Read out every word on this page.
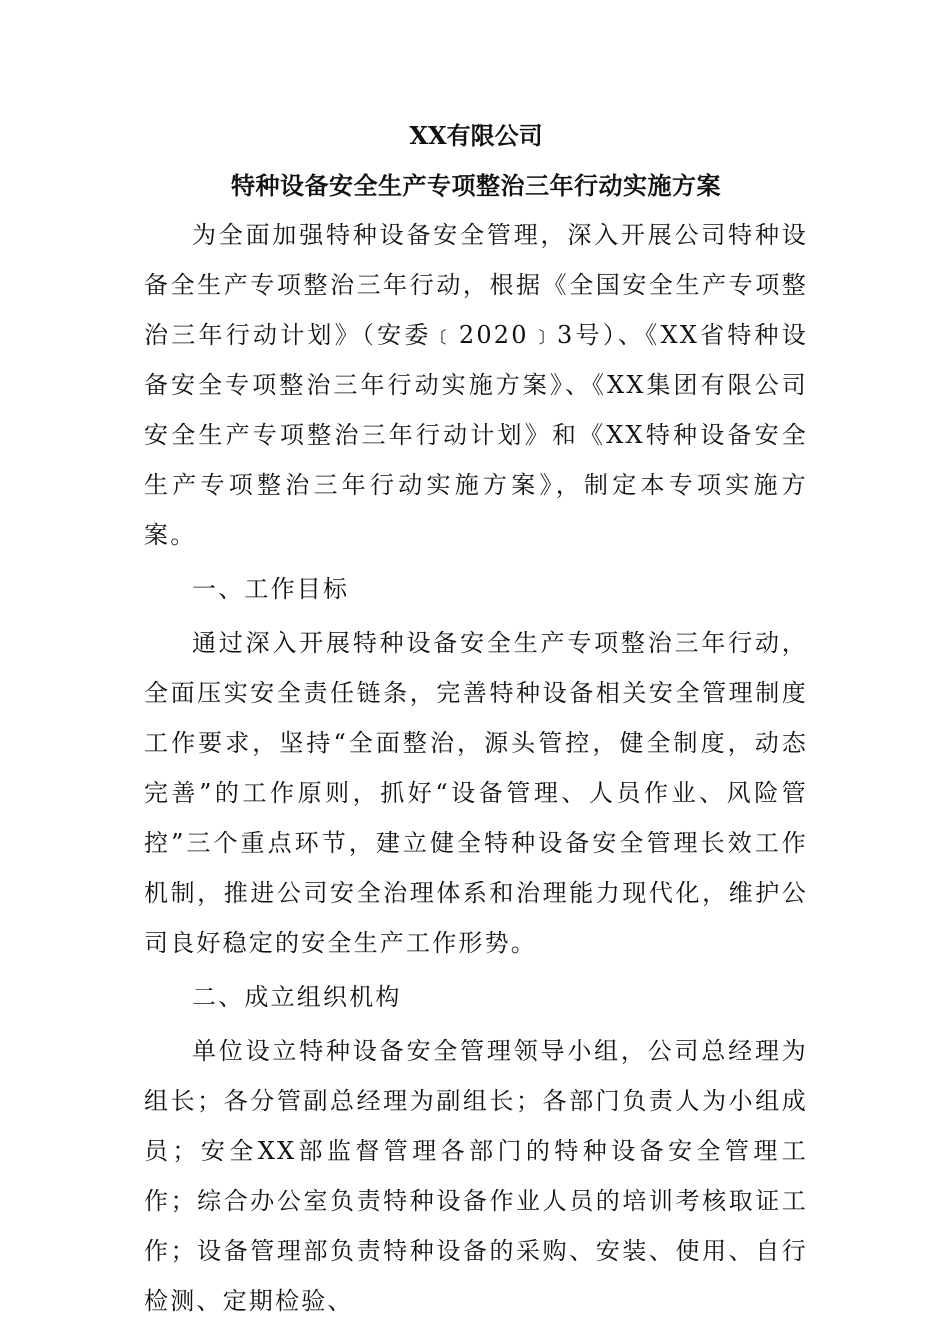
XX有限公司
特种设备安全生产专项整治三年行动实施方案

为全面加强特种设备安全管理，深入开展公司特种设备全生产专项整治三年行动，根据《全国安全生产专项整治三年行动计划》（安委﹝2020﹞3号）、《XX省特种设备安全专项整治三年行动实施方案》、《XX集团有限公司安全生产专项整治三年行动计划》和《XX特种设备安全生产专项整治三年行动实施方案》，制定本专项实施方案。

一、工作目标

通过深入开展特种设备安全生产专项整治三年行动，全面压实安全责任链条，完善特种设备相关安全管理制度工作要求，坚持“全面整治，源头管控，健全制度，动态完善”的工作原则，抓好“设备管理、人员作业、风险管控”三个重点环节，建立健全特种设备安全管理长效工作机制，推进公司安全治理体系和治理能力现代化，维护公司良好稳定的安全生产工作形势。

二、成立组织机构

单位设立特种设备安全管理领导小组，公司总经理为组长；各分管副总经理为副组长；各部门负责人为小组成员；安全XX部监督管理各部门的特种设备安全管理工作；综合办公室负责特种设备作业人员的培训考核取证工作；设备管理部负责特种设备的采购、安装、使用、自行检测、定期检验、
